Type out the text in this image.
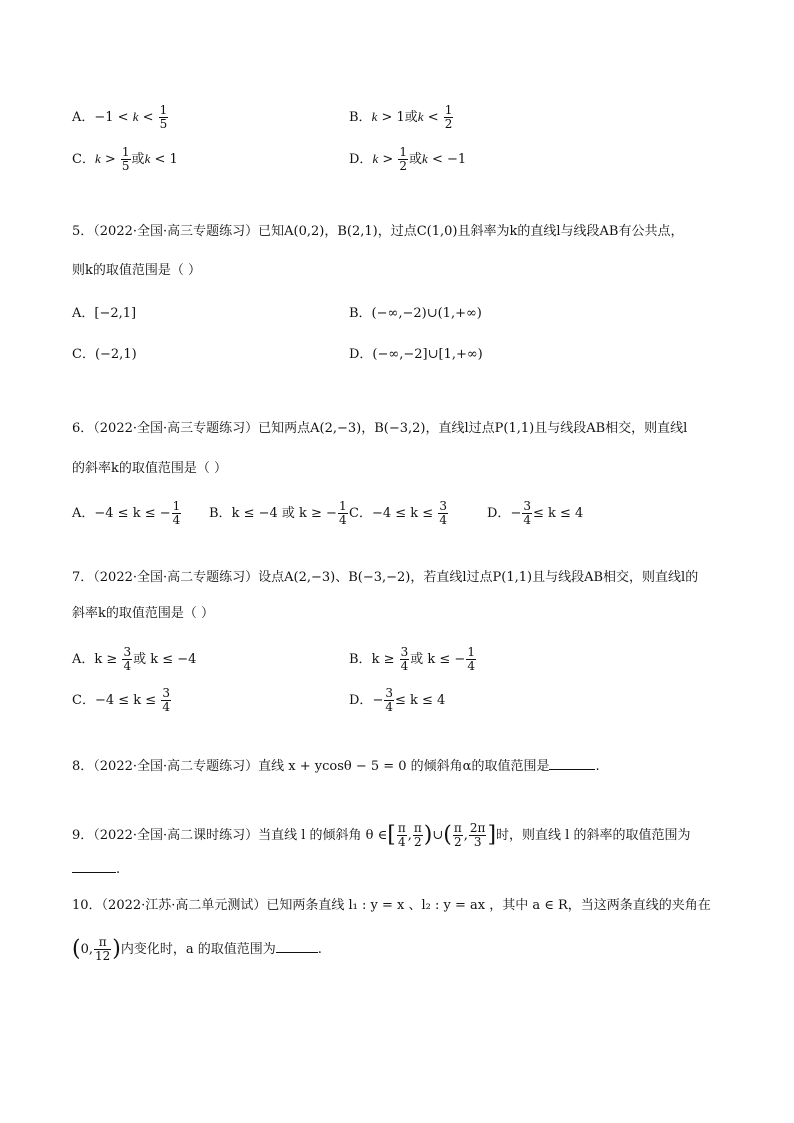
A．$-1 < k < \frac{1}{5}$	B．k > 1或$k < \frac{1}{2}$
C．$k > \frac{1}{5}$ 或k < 1	D．$k > \frac{1}{2}$ 或k < −1
5．（2022·全国·高三专题练习）已知A(0,2)，B(2,1)，过点C(1,0)且斜率为k的直线l与线段AB有公共点，
则k的取值范围是（ ）
A．[−2,1]	B．(−∞,−2)∪(1,+∞)
C．(−2,1)	D．(−∞,−2]∪[1,+∞)
6．（2022·全国·高三专题练习）已知两点A(2,−3)，B(−3,2)，直线l过点P(1,1)且与线段AB相交，则直线l
的斜率k的取值范围是（ ）
A．−4 ≤ k ≤ − $\frac{1}{4}$ B．k ≤ −4 或 k ≥ − $\frac{1}{4}$ C．$-4 \le k \le \frac{3}{4}$	D．− $\frac{3}{4} \le k \le 4$
7．（2022·全国·高二专题练习）设点A(2,−3)、B(−3,−2)，若直线l过点P(1,1)且与线段AB相交，则直线l的
斜率k的取值范围是（ ）
A．$k \ge \frac{3}{4}$ 或 k ≤ −4	B．$k \ge \frac{3}{4}$ 或 k ≤ − $\frac{1}{4}$
C．$-4 \le k \le \frac{3}{4}$	D．− $\frac{3}{4} \le k \le 4$
8．（2022·全国·高二专题练习）直线 x + ycosθ − 5 = 0 的倾斜角α的取值范围是	.
9．（2022·全国·高二课时练习）当直线 l 的倾斜角 θ ∈[ $\frac{\pi}{4}$ , $\frac{\pi}{2}$ )∪( $\frac{\pi}{2}$ , $\frac{2\pi}{3}$ ]时，则直线 l 的斜率的取值范围为
.
10．（2022·江苏·高二单元测试）已知两条直线 l₁ : y = x 、l₂ : y = ax ，其中 a ∈ R，当这两条直线的夹角在
(0, $\frac{\pi}{12}$ )内变化时，a 的取值范围为	.
